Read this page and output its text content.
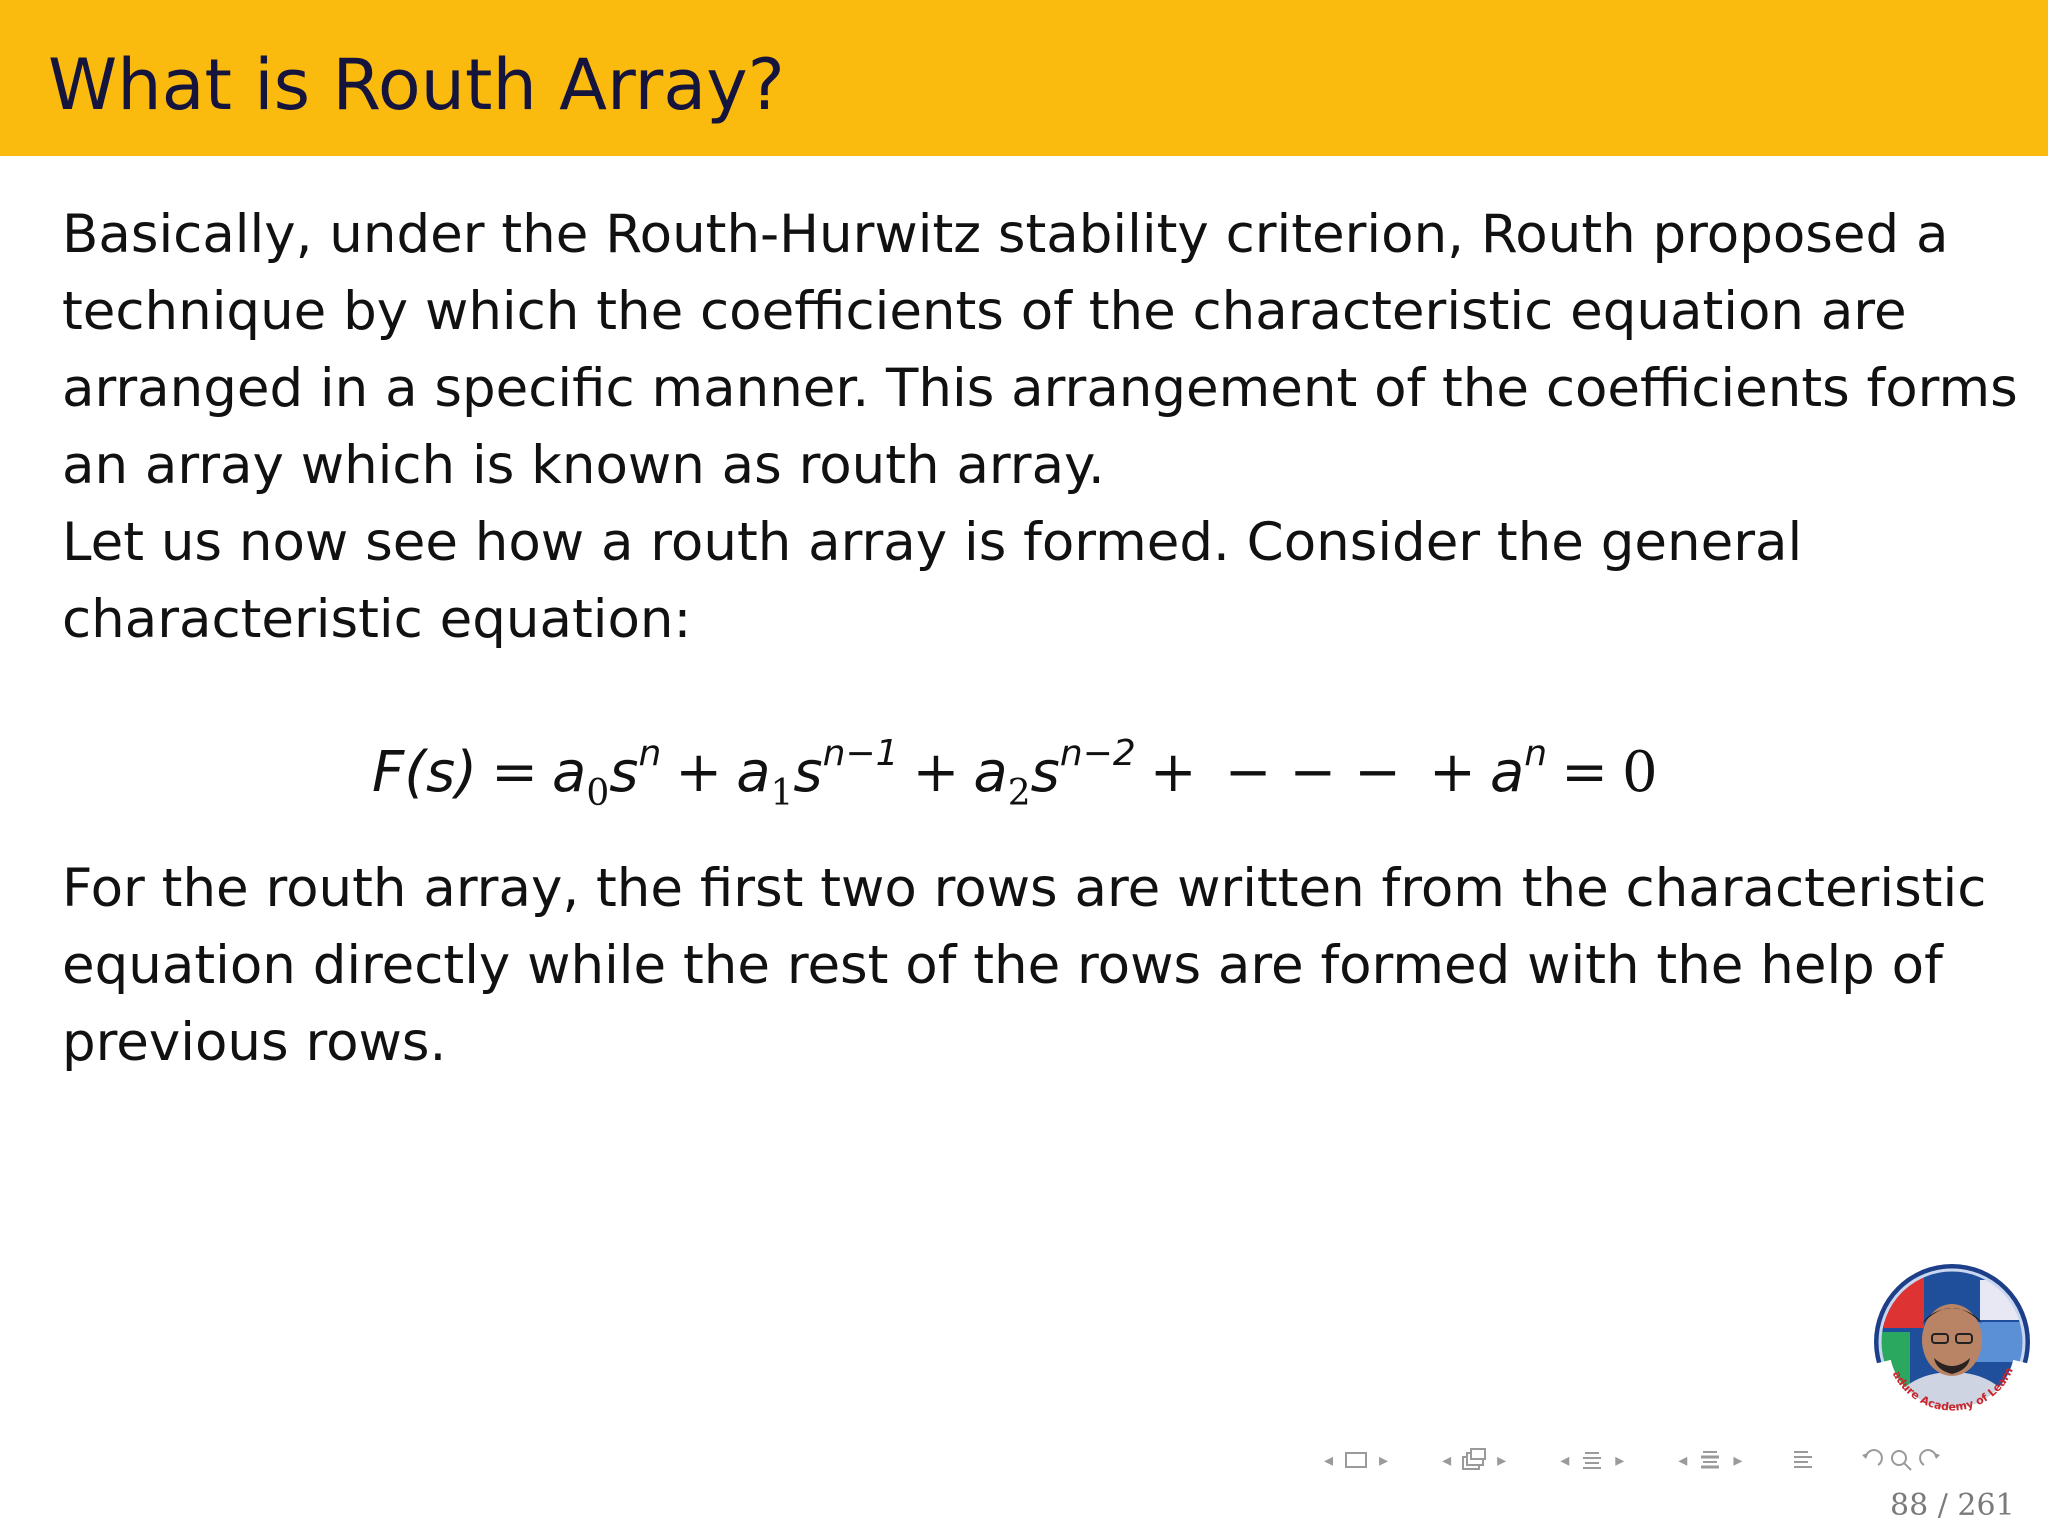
What is Routh Array?
Basically, under the Routh-Hurwitz stability criterion, Routh proposed a
technique by which the coefficients of the characteristic equation are
arranged in a specific manner. This arrangement of the coefficients forms
an array which is known as routh array.
Let us now see how a routh array is formed. Consider the general
characteristic equation:
$F(s) = a_0s^n + a_1s^{n-1} + a_2s^{n-2}$ + − − − + $a^n = 0$
For the routh array, the first two rows are written from the characteristic
equation directly while the rest of the rows are formed with the help of
previous rows.
adure Academy of Learn
◂	▸	◂	▸	◂	▸	◂	▸
88 / 261
